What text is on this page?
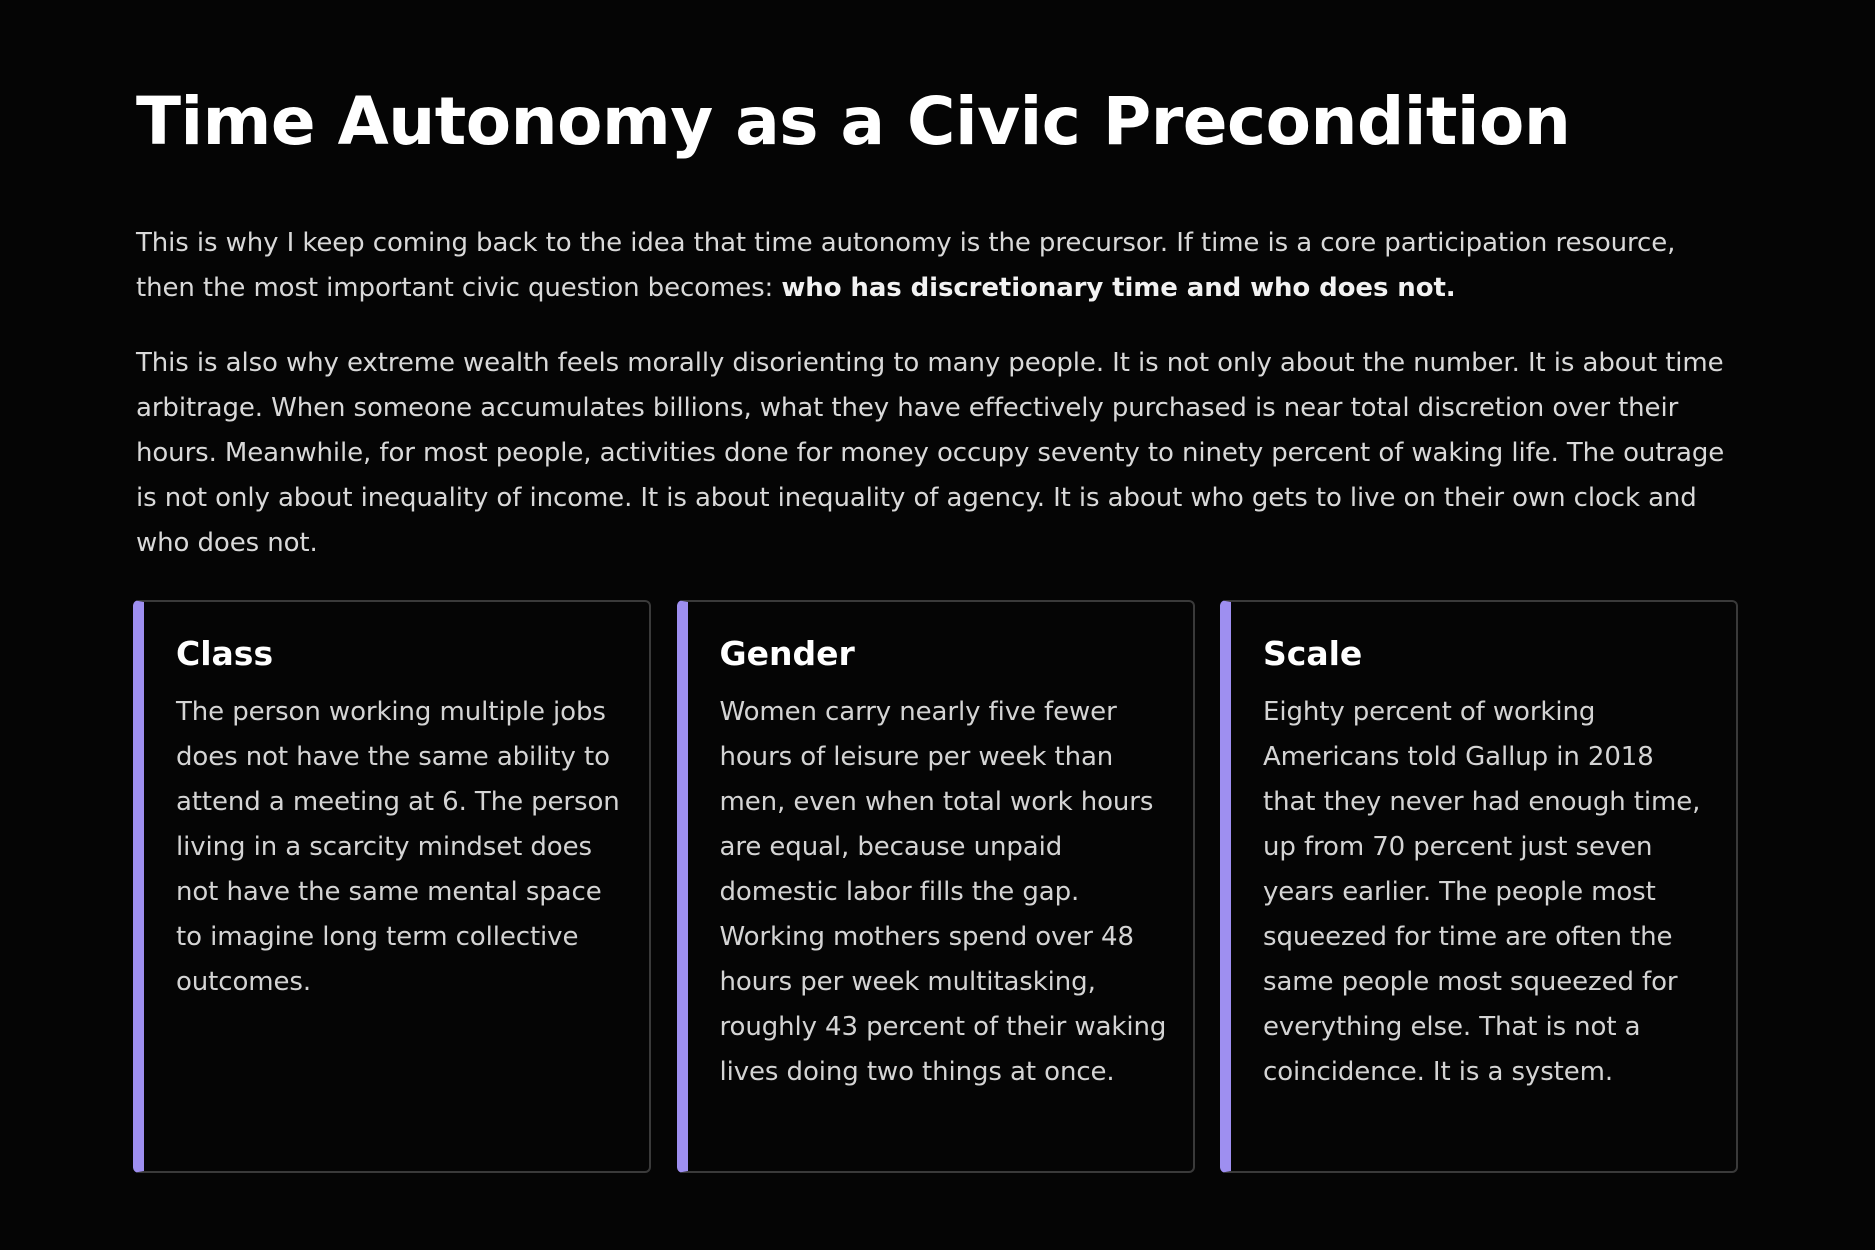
Time Autonomy as a Civic Precondition

This is why I keep coming back to the idea that time autonomy is the precursor. If time is a core participation resource, then the most important civic question becomes: who has discretionary time and who does not.

This is also why extreme wealth feels morally disorienting to many people. It is not only about the number. It is about time arbitrage. When someone accumulates billions, what they have effectively purchased is near total discretion over their hours. Meanwhile, for most people, activities done for money occupy seventy to ninety percent of waking life. The outrage is not only about inequality of income. It is about inequality of agency. It is about who gets to live on their own clock and who does not.

Class

The person working multiple jobs does not have the same ability to attend a meeting at 6. The person living in a scarcity mindset does not have the same mental space to imagine long term collective outcomes.

Gender

Women carry nearly five fewer hours of leisure per week than men, even when total work hours are equal, because unpaid domestic labor fills the gap. Working mothers spend over 48 hours per week multitasking, roughly 43 percent of their waking lives doing two things at once.

Scale

Eighty percent of working Americans told Gallup in 2018 that they never had enough time, up from 70 percent just seven years earlier. The people most squeezed for time are often the same people most squeezed for everything else. That is not a coincidence. It is a system.
